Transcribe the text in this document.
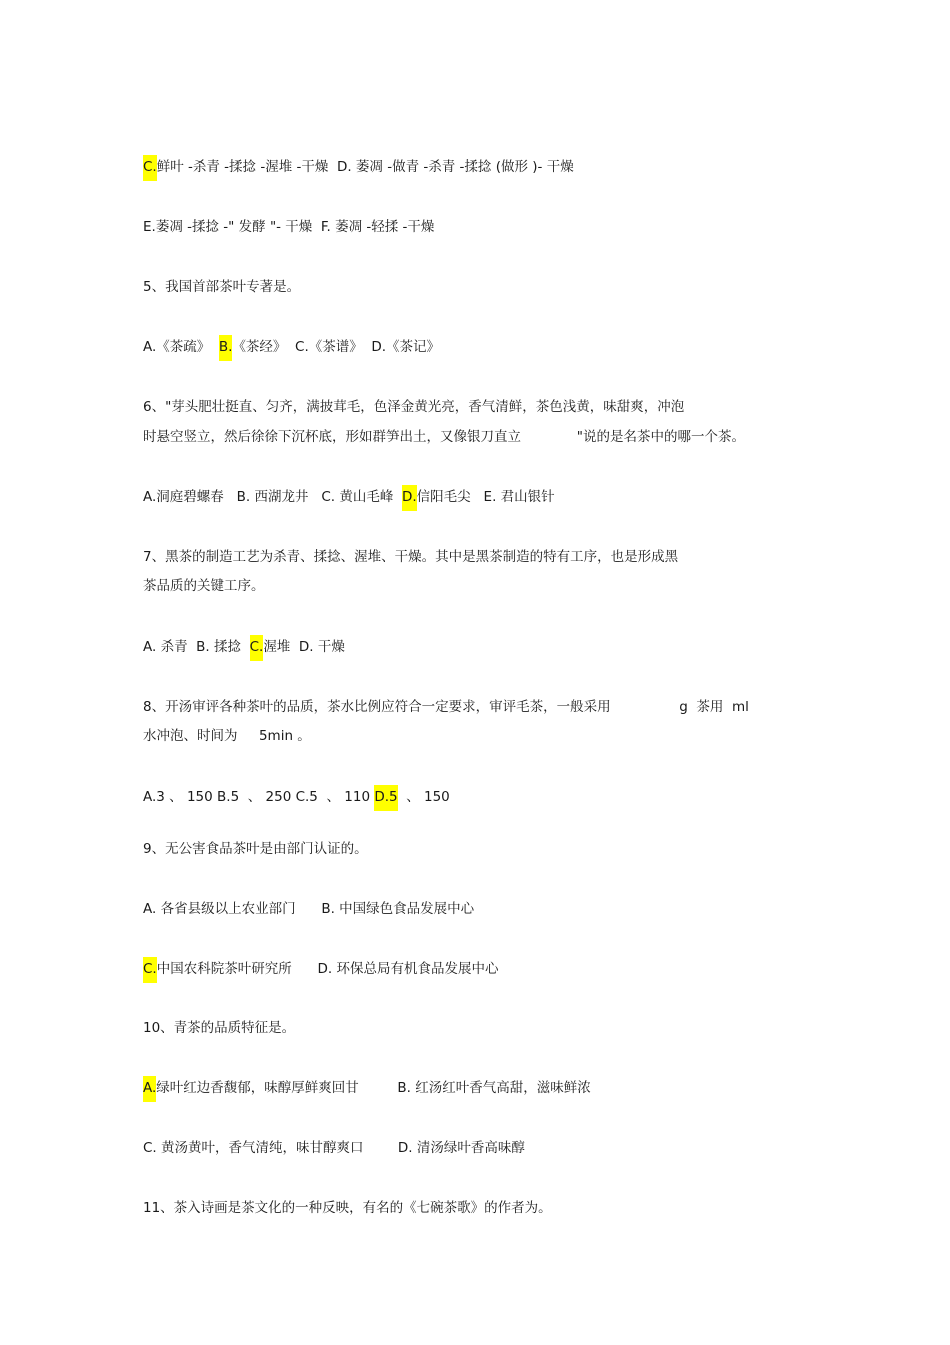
C.鲜叶 -杀青 -揉捻 -渥堆 -干燥  D. 萎凋 -做青 -杀青 -揉捻 (做形 )- 干燥
E.萎凋 -揉捻 -" 发酵 "- 干燥  F. 萎凋 -轻揉 -干燥
5、我国首部茶叶专著是。
A.《茶疏》  B.《茶经》  C.《茶谱》  D.《茶记》
6、"芽头肥壮挺直、匀齐，满披茸毛，色泽金黄光亮，香气清鲜，茶色浅黄，味甜爽，冲泡
时悬空竖立，然后徐徐下沉杯底，形如群笋出土，又像银刀直立             "说的是名茶中的哪一个茶。
A.洞庭碧螺春   B. 西湖龙井   C. 黄山毛峰  D.信阳毛尖   E. 君山银针
7、黑茶的制造工艺为杀青、揉捻、渥堆、干燥。其中是黑茶制造的特有工序，也是形成黑
茶品质的关键工序。
A. 杀青  B. 揉捻  C.渥堆  D. 干燥
8、开汤审评各种茶叶的品质，茶水比例应符合一定要求，审评毛茶，一般采用                g  茶用  ml
水冲泡、时间为     5min 。
A.3 、 150 B.5  、 250 C.5  、 110 D.5  、 150
9、无公害食品茶叶是由部门认证的。
A. 各省县级以上农业部门      B. 中国绿色食品发展中心
C.中国农科院茶叶研究所      D. 环保总局有机食品发展中心
10、青茶的品质特征是。
A.绿叶红边香馥郁，味醇厚鲜爽回甘         B. 红汤红叶香气高甜，滋味鲜浓
C. 黄汤黄叶，香气清纯，味甘醇爽口        D. 清汤绿叶香高味醇
11、茶入诗画是茶文化的一种反映，有名的《七碗茶歌》的作者为。
